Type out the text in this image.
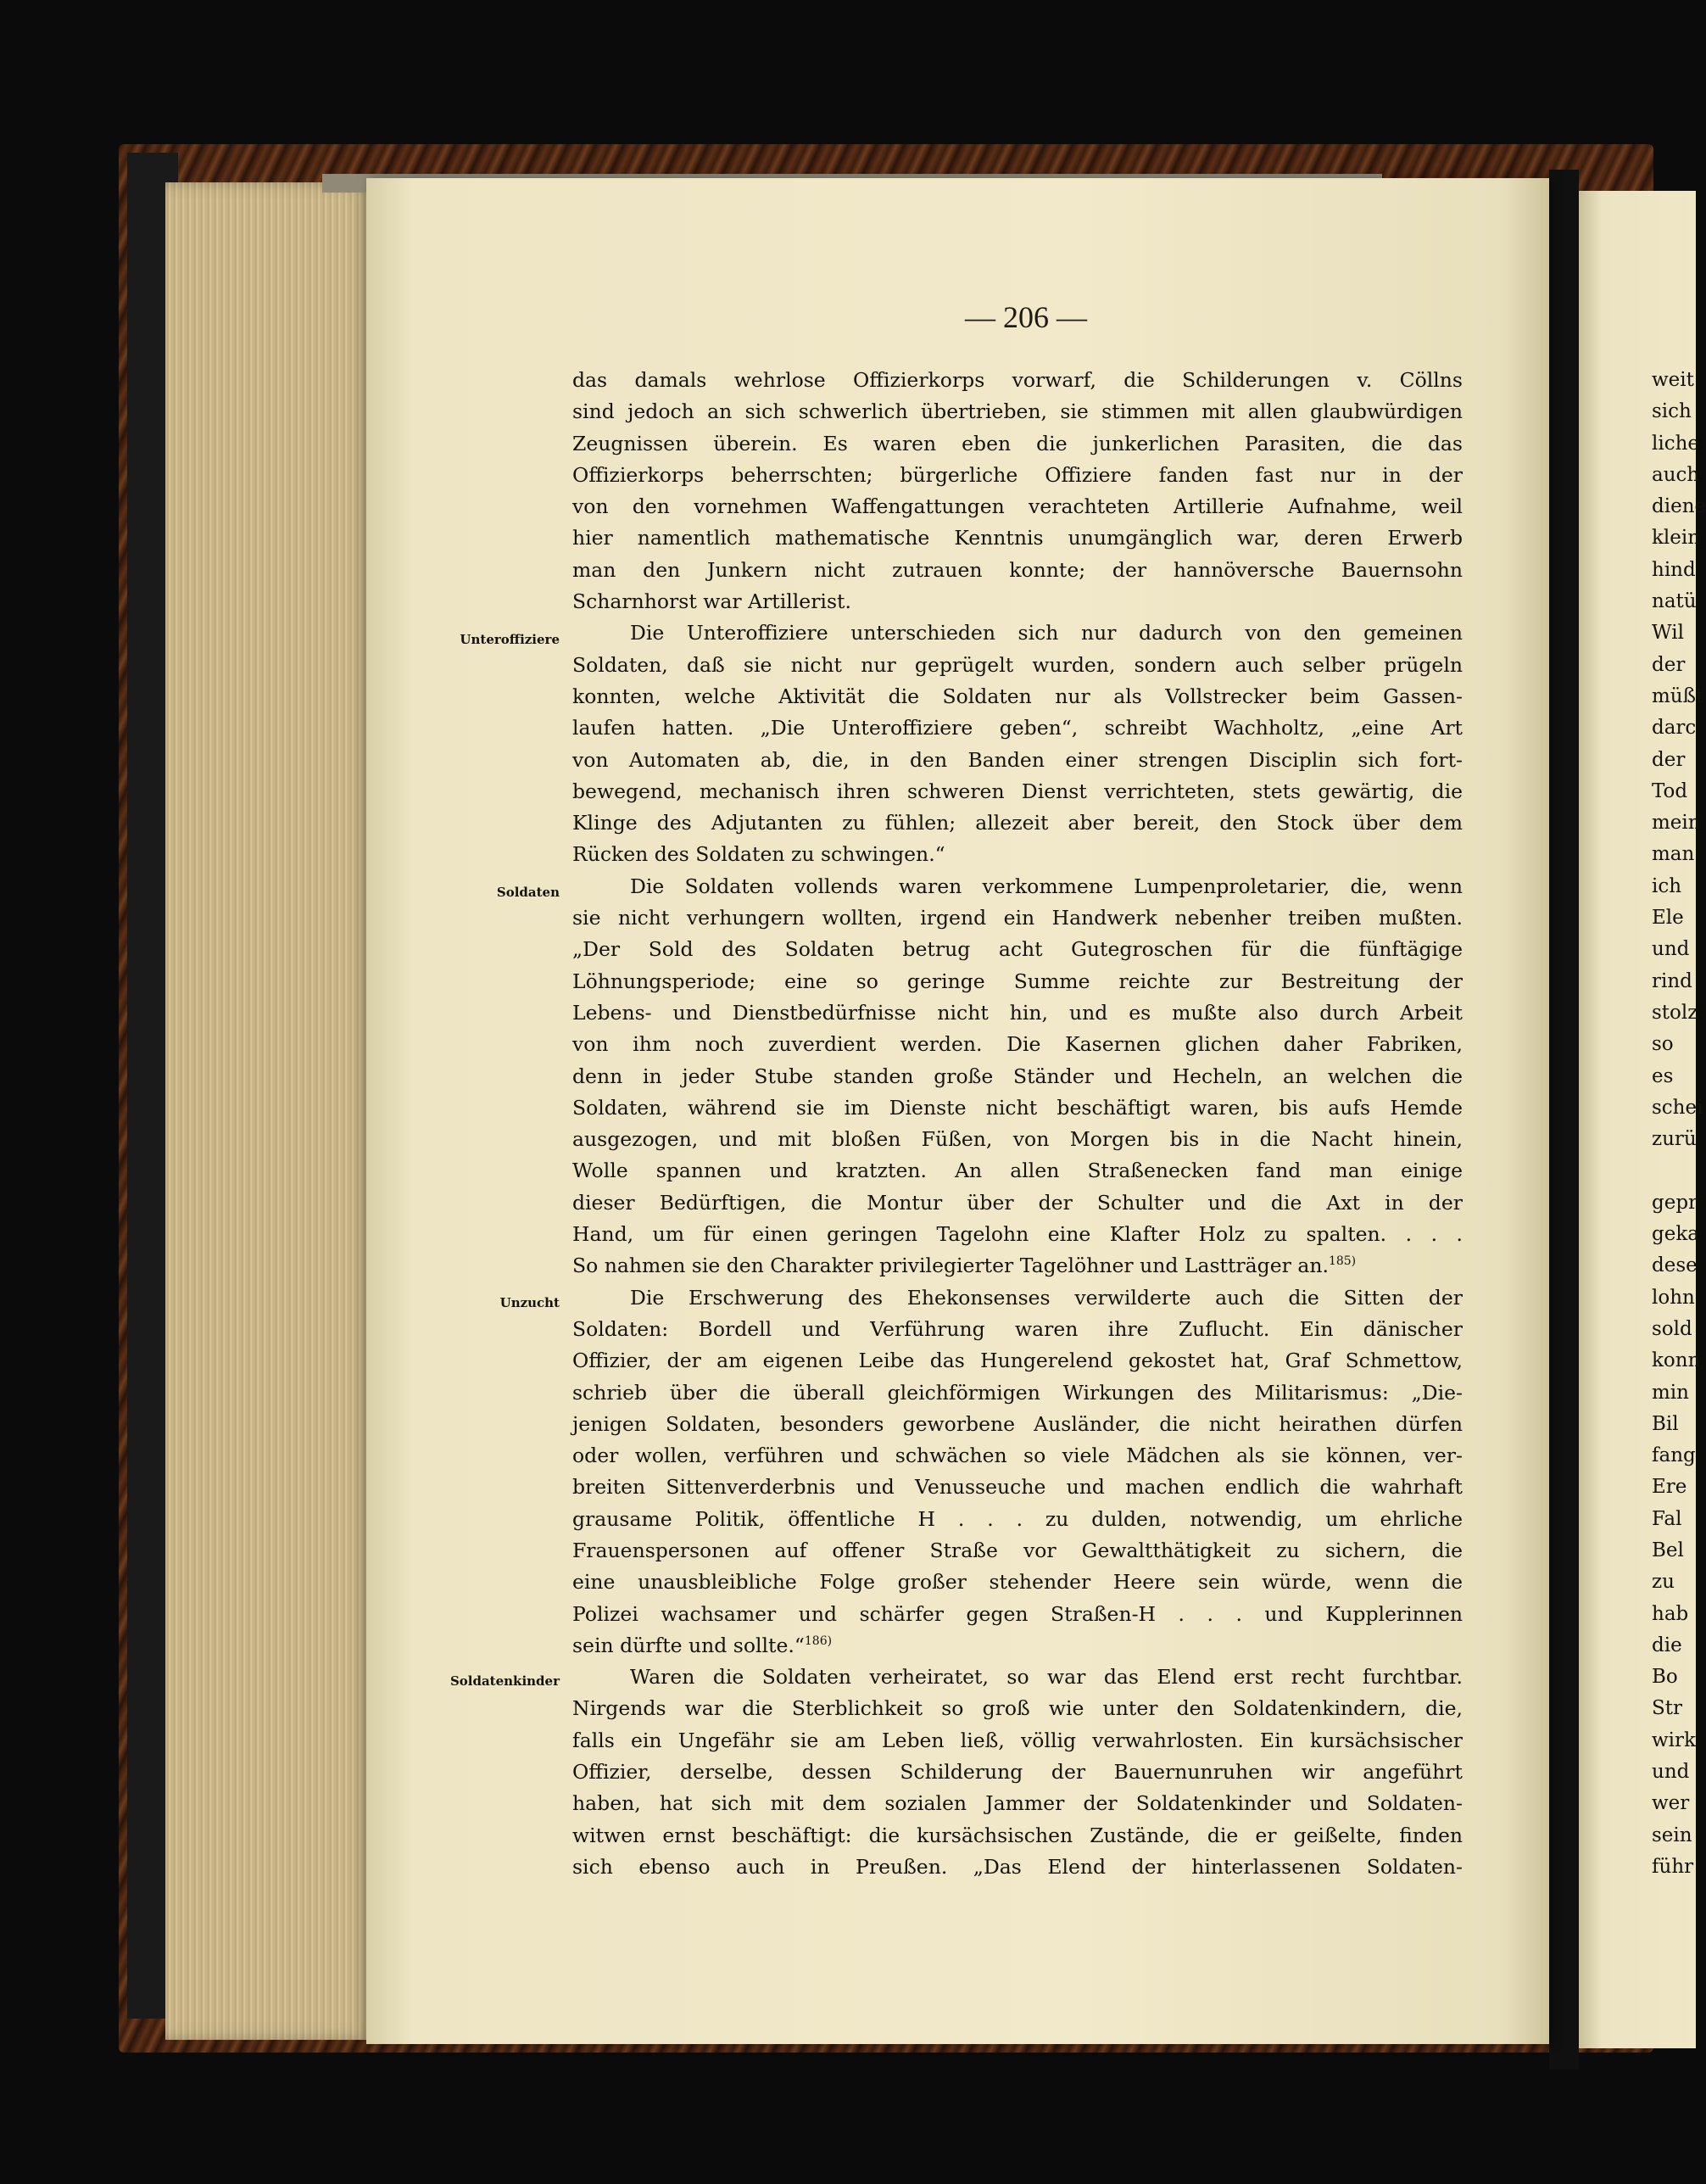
— 206 —
Unteroffiziere
Soldaten
Unzucht
Soldatenkinder
das damals wehrlose Offizierkorps vorwarf, die Schilderungen v. Cöllns
sind jedoch an sich schwerlich übertrieben, sie stimmen mit allen glaubwürdigen
Zeugnissen überein. Es waren eben die junkerlichen Parasiten, die das
Offizierkorps beherrschten; bürgerliche Offiziere fanden fast nur in der
von den vornehmen Waffengattungen verachteten Artillerie Aufnahme, weil
hier namentlich mathematische Kenntnis unumgänglich war, deren Erwerb
man den Junkern nicht zutrauen konnte; der hannöversche Bauernsohn
Scharnhorst war Artillerist.
Die Unteroffiziere unterschieden sich nur dadurch von den gemeinen
Soldaten, daß sie nicht nur geprügelt wurden, sondern auch selber prügeln
konnten, welche Aktivität die Soldaten nur als Vollstrecker beim Gassen-
laufen hatten. „Die Unteroffiziere geben“, schreibt Wachholtz, „eine Art
von Automaten ab, die, in den Banden einer strengen Disciplin sich fort-
bewegend, mechanisch ihren schweren Dienst verrichteten, stets gewärtig, die
Klinge des Adjutanten zu fühlen; allezeit aber bereit, den Stock über dem
Rücken des Soldaten zu schwingen.“
Die Soldaten vollends waren verkommene Lumpenproletarier, die, wenn
sie nicht verhungern wollten, irgend ein Handwerk nebenher treiben mußten.
„Der Sold des Soldaten betrug acht Gutegroschen für die fünftägige
Löhnungsperiode; eine so geringe Summe reichte zur Bestreitung der
Lebens- und Dienstbedürfnisse nicht hin, und es mußte also durch Arbeit
von ihm noch zuverdient werden. Die Kasernen glichen daher Fabriken,
denn in jeder Stube standen große Ständer und Hecheln, an welchen die
Soldaten, während sie im Dienste nicht beschäftigt waren, bis aufs Hemde
ausgezogen, und mit bloßen Füßen, von Morgen bis in die Nacht hinein,
Wolle spannen und kratzten. An allen Straßenecken fand man einige
dieser Bedürftigen, die Montur über der Schulter und die Axt in der
Hand, um für einen geringen Tagelohn eine Klafter Holz zu spalten. . . .
So nahmen sie den Charakter privilegierter Tagelöhner und Lastträger an.$^{185)}$
Die Erschwerung des Ehekonsenses verwilderte auch die Sitten der
Soldaten: Bordell und Verführung waren ihre Zuflucht. Ein dänischer
Offizier, der am eigenen Leibe das Hungerelend gekostet hat, Graf Schmettow,
schrieb über die überall gleichförmigen Wirkungen des Militarismus: „Die-
jenigen Soldaten, besonders geworbene Ausländer, die nicht heirathen dürfen
oder wollen, verführen und schwächen so viele Mädchen als sie können, ver-
breiten Sittenverderbnis und Venusseuche und machen endlich die wahrhaft
grausame Politik, öffentliche H . . . zu dulden, notwendig, um ehrliche
Frauenspersonen auf offener Straße vor Gewaltthätigkeit zu sichern, die
eine unausbleibliche Folge großer stehender Heere sein würde, wenn die
Polizei wachsamer und schärfer gegen Straßen-H . . . und Kupplerinnen
sein dürfte und sollte.“$^{186)}$
Waren die Soldaten verheiratet, so war das Elend erst recht furchtbar.
Nirgends war die Sterblichkeit so groß wie unter den Soldatenkindern, die,
falls ein Ungefähr sie am Leben ließ, völlig verwahrlosten. Ein kursächsischer
Offizier, derselbe, dessen Schilderung der Bauernunruhen wir angeführt
haben, hat sich mit dem sozialen Jammer der Soldatenkinder und Soldaten-
witwen ernst beschäftigt: die kursächsischen Zustände, die er geißelte, finden
sich ebenso auch in Preußen. „Das Elend der hinterlassenen Soldaten-
weit
sich
liche
auch
diene
klein
hind
natü
Wil
der
müßt
darc
der
Tod
mein
man
ich
Ele
und
rind
stolz
so
es
schei
zurü
gepr
geka
dese
lohn
sold
konn
min
Bil
fang
Ere
Fal
Bel
zu
hab
die
Bo
Str
wirk
und
wer
sein
führ
